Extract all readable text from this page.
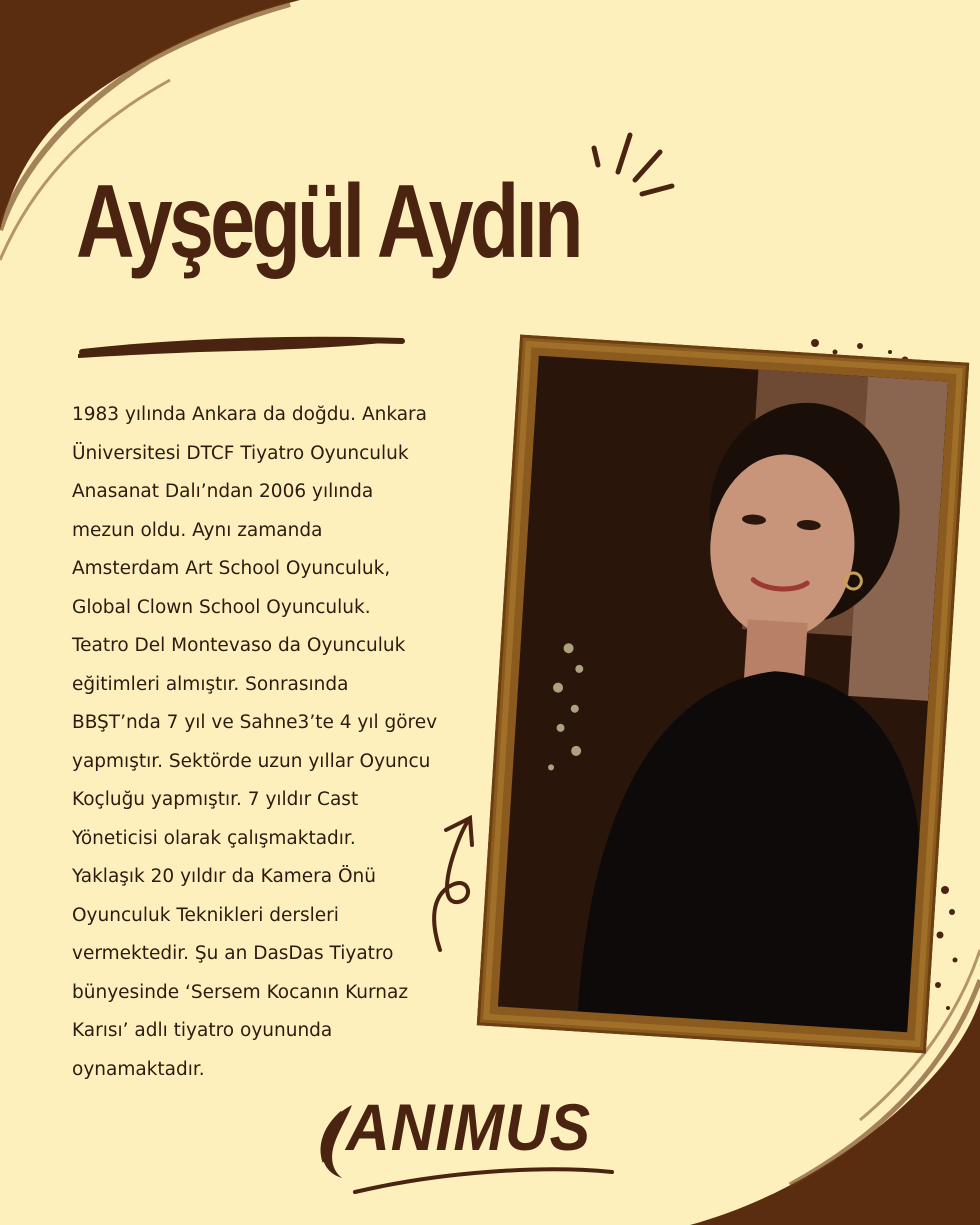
Ayşegül Aydın

1983 yılında Ankara da doğdu. Ankara
Üniversitesi DTCF Tiyatro Oyunculuk
Anasanat Dalı’ndan 2006 yılında
mezun oldu. Aynı zamanda
Amsterdam Art School Oyunculuk,
Global Clown School Oyunculuk.
Teatro Del Montevaso da Oyunculuk
eğitimleri almıştır. Sonrasında
BBŞT’nda 7 yıl ve Sahne3’te 4 yıl görev
yapmıştır. Sektörde uzun yıllar Oyuncu
Koçluğu yapmıştır. 7 yıldır Cast
Yöneticisi olarak çalışmaktadır.
Yaklaşık 20 yıldır da Kamera Önü
Oyunculuk Teknikleri dersleri
vermektedir. Şu an DasDas Tiyatro
bünyesinde ‘Sersem Kocanın Kurnaz
Karısı’ adlı tiyatro oyununda
oynamaktadır.

ANIMUS
